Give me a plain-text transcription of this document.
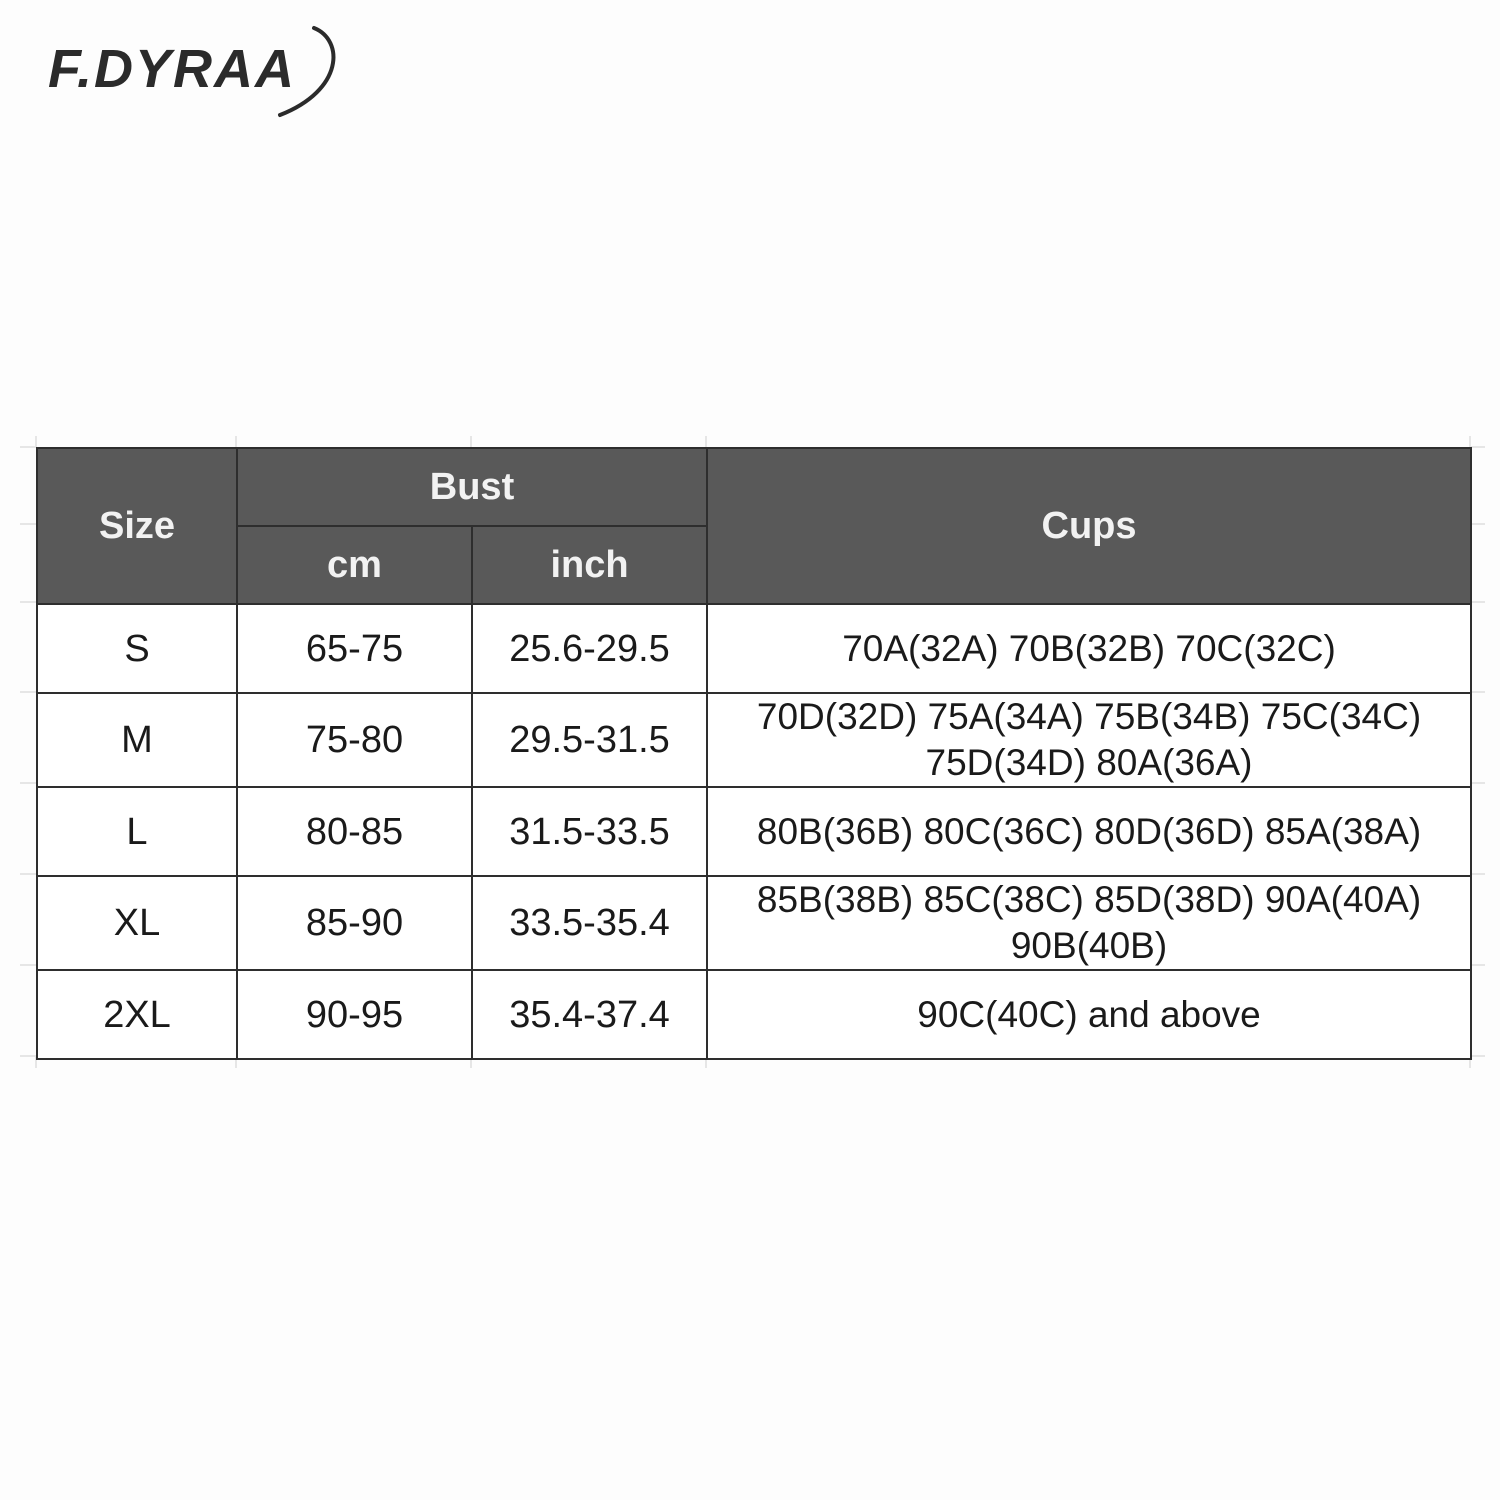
F.DYRAA
Size	Bust		Cups
	cm	inch	
S	65-75	25.6-29.5	70A(32A) 70B(32B) 70C(32C)
M	75-80	29.5-31.5	70D(32D) 75A(34A) 75B(34B) 75C(34C) 75D(34D) 80A(36A)
L	80-85	31.5-33.5	80B(36B) 80C(36C) 80D(36D) 85A(38A)
XL	85-90	33.5-35.4	85B(38B) 85C(38C) 85D(38D) 90A(40A) 90B(40B)
2XL	90-95	35.4-37.4	90C(40C) and above
